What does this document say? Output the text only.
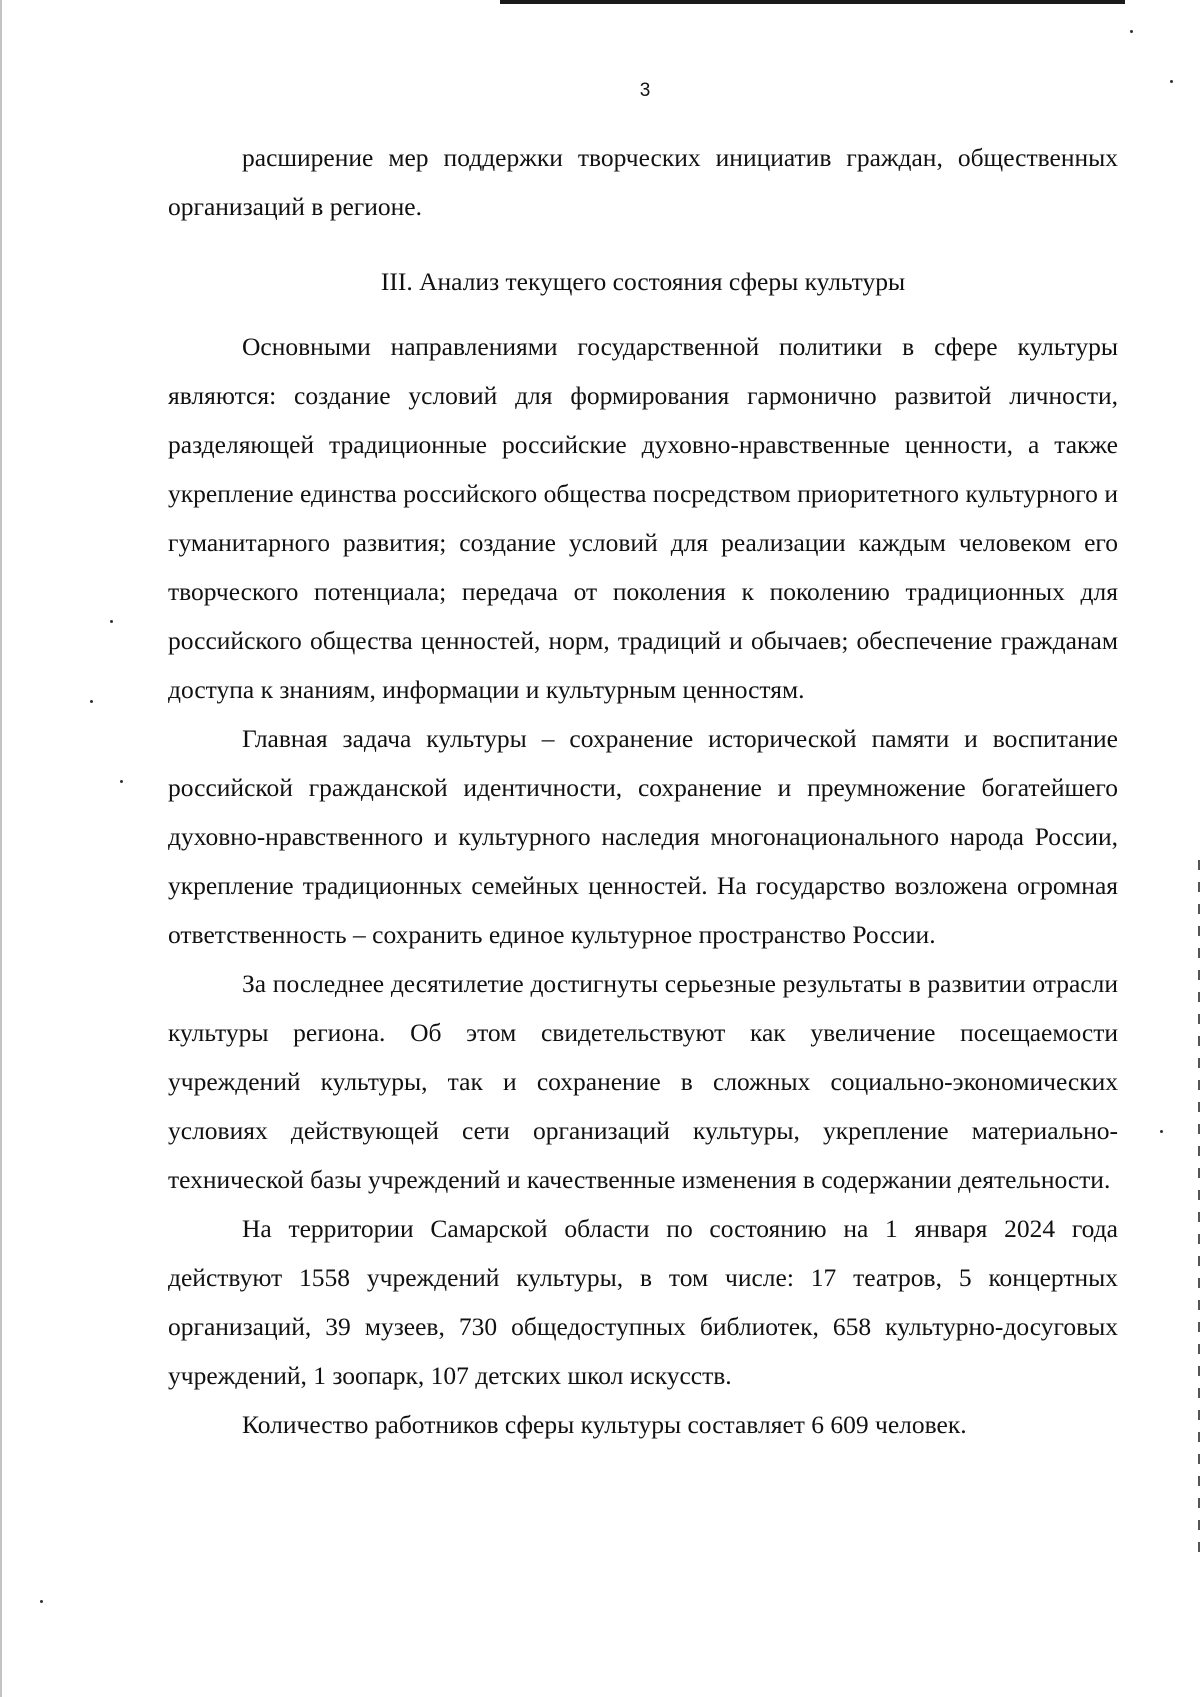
3

расширение мер поддержки творческих инициатив граждан, общественных организаций в регионе.

III. Анализ текущего состояния сферы культуры

Основными направлениями государственной политики в сфере культуры являются: создание условий для формирования гармонично развитой личности, разделяющей традиционные российские духовно-нравственные ценности, а также укрепление единства российского общества посредством приоритетного культурного и гуманитарного развития; создание условий для реализации каждым человеком его творческого потенциала; передача от поколения к поколению традиционных для российского общества ценностей, норм, традиций и обычаев; обеспечение гражданам доступа к знаниям, информации и культурным ценностям.

Главная задача культуры – сохранение исторической памяти и воспитание российской гражданской идентичности, сохранение и преумножение богатейшего духовно-нравственного и культурного наследия многонационального народа России, укрепление традиционных семейных ценностей. На государство возложена огромная ответственность – сохранить единое культурное пространство России.

За последнее десятилетие достигнуты серьезные результаты в развитии отрасли культуры региона. Об этом свидетельствуют как увеличение посещаемости учреждений культуры, так и сохранение в сложных социально-экономических условиях действующей сети организаций культуры, укрепление материально-технической базы учреждений и качественные изменения в содержании деятельности.

На территории Самарской области по состоянию на 1 января 2024 года действуют 1558 учреждений культуры, в том числе: 17 театров, 5 концертных организаций, 39 музеев, 730 общедоступных библиотек, 658 культурно-досуговых учреждений, 1 зоопарк, 107 детских школ искусств.

Количество работников сферы культуры составляет 6 609 человек.
